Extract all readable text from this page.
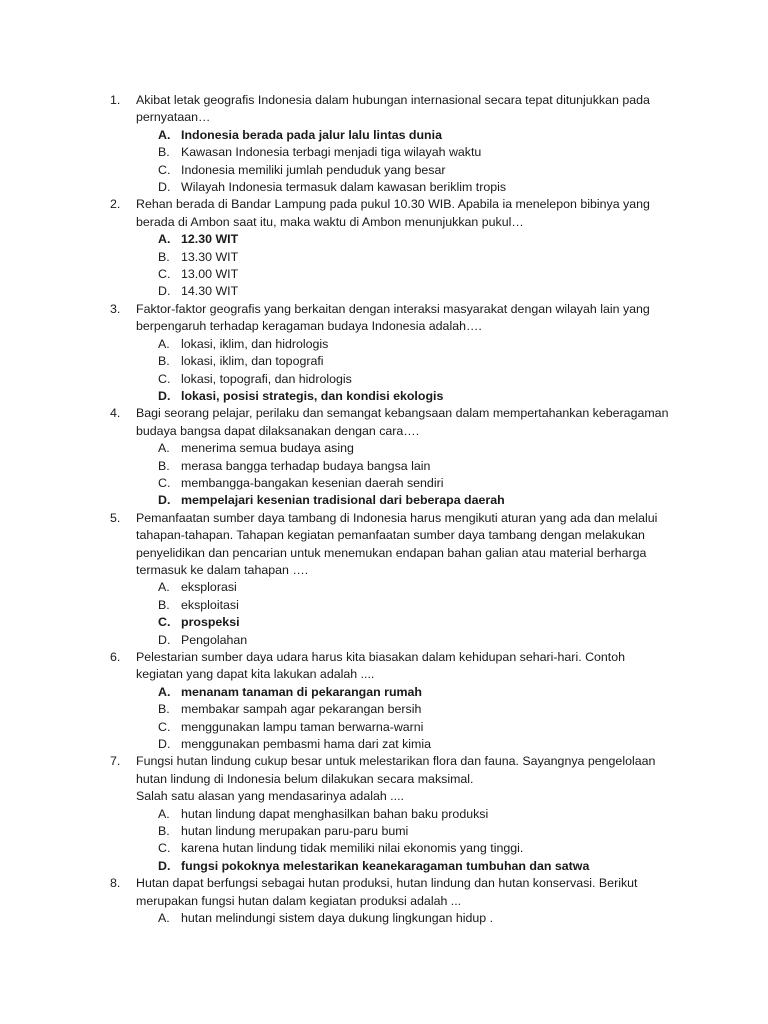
1. Akibat letak geografis Indonesia dalam hubungan internasional secara tepat ditunjukkan pada
pernyataan…
A. Indonesia berada pada jalur lalu lintas dunia
B. Kawasan Indonesia terbagi menjadi tiga wilayah waktu
C. Indonesia memiliki jumlah penduduk yang besar
D. Wilayah Indonesia termasuk dalam kawasan beriklim tropis
2. Rehan berada di Bandar Lampung pada pukul 10.30 WIB. Apabila ia menelepon bibinya yang
berada di Ambon saat itu, maka waktu di Ambon menunjukkan pukul…
A. 12.30 WIT
B. 13.30 WIT
C. 13.00 WIT
D. 14.30 WIT
3. Faktor-faktor geografis yang berkaitan dengan interaksi masyarakat dengan wilayah lain yang
berpengaruh terhadap keragaman budaya Indonesia adalah….
A. lokasi, iklim, dan hidrologis
B. lokasi, iklim, dan topografi
C. lokasi, topografi, dan hidrologis
D. lokasi, posisi strategis, dan kondisi ekologis
4. Bagi seorang pelajar, perilaku dan semangat kebangsaan dalam mempertahankan keberagaman
budaya bangsa dapat dilaksanakan dengan cara….
A. menerima semua budaya asing
B. merasa bangga terhadap budaya bangsa lain
C. membangga-bangakan kesenian daerah sendiri
D. mempelajari kesenian tradisional dari beberapa daerah
5. Pemanfaatan sumber daya tambang di Indonesia harus mengikuti aturan yang ada dan melalui
tahapan-tahapan. Tahapan kegiatan pemanfaatan sumber daya tambang dengan melakukan
penyelidikan dan pencarian untuk menemukan endapan bahan galian atau material berharga
termasuk ke dalam tahapan ….
A. eksplorasi
B. eksploitasi
C. prospeksi
D. Pengolahan
6. Pelestarian sumber daya udara harus kita biasakan dalam kehidupan sehari-hari. Contoh
kegiatan yang dapat kita lakukan adalah ....
A. menanam tanaman di pekarangan rumah
B. membakar sampah agar pekarangan bersih
C. menggunakan lampu taman berwarna-warni
D. menggunakan pembasmi hama dari zat kimia
7. Fungsi hutan lindung cukup besar untuk melestarikan flora dan fauna. Sayangnya pengelolaan
hutan lindung di Indonesia belum dilakukan secara maksimal.
Salah satu alasan yang mendasarinya adalah ....
A. hutan lindung dapat menghasilkan bahan baku produksi
B. hutan lindung merupakan paru-paru bumi
C. karena hutan lindung tidak memiliki nilai ekonomis yang tinggi.
D. fungsi pokoknya melestarikan keanekaragaman tumbuhan dan satwa
8. Hutan dapat berfungsi sebagai hutan produksi, hutan lindung dan hutan konservasi. Berikut
merupakan fungsi hutan dalam kegiatan produksi adalah ...
A. hutan melindungi sistem daya dukung lingkungan hidup .
